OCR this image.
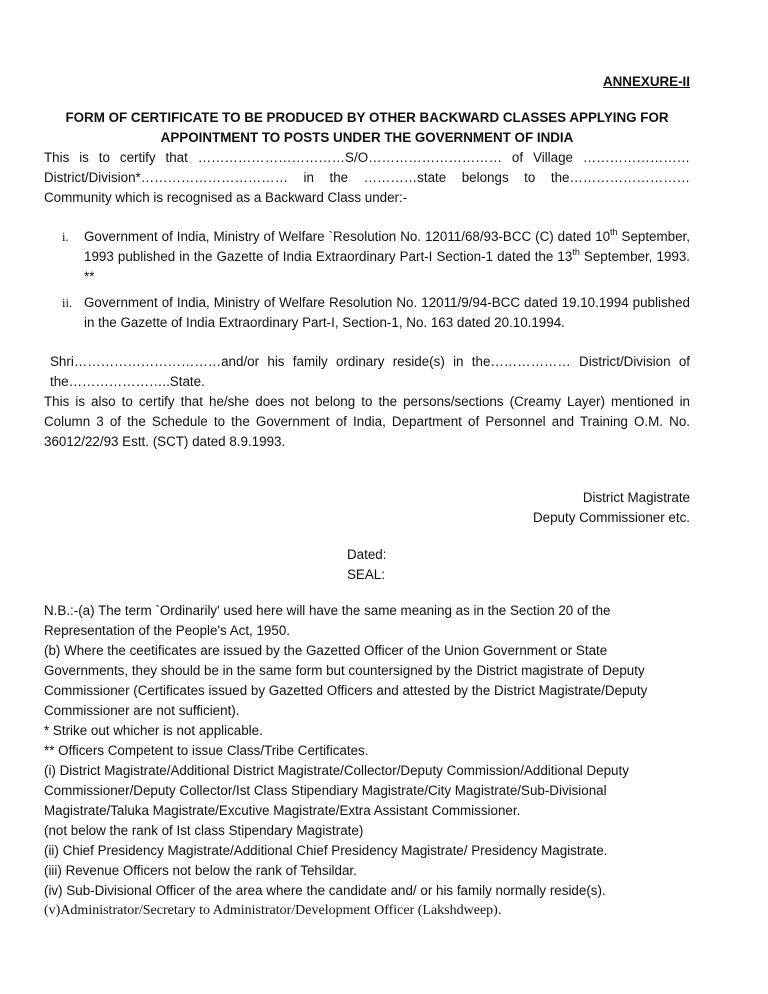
ANNEXURE-II
FORM OF CERTIFICATE TO BE PRODUCED BY OTHER BACKWARD CLASSES APPLYING FOR
APPOINTMENT TO POSTS UNDER THE GOVERNMENT OF INDIA
This is to certify that ……………………………S/O………………………… of Village …………………… District/Division*…………………………… in the …………state belongs to the……………………… Community which is recognised as a Backward Class under:-
i. Government of India, Ministry of Welfare `Resolution No. 12011/68/93-BCC (C) dated 10th September, 1993 published in the Gazette of India Extraordinary Part-I Section-1 dated the 13th September, 1993. **
ii. Government of India, Ministry of Welfare Resolution No. 12011/9/94-BCC dated 19.10.1994 published in the Gazette of India Extraordinary Part-I, Section-1, No. 163 dated 20.10.1994.
Shri……………………………and/or his family ordinary reside(s) in the……………… District/Division of the…………………..State.
This is also to certify that he/she does not belong to the persons/sections (Creamy Layer) mentioned in Column 3 of the Schedule to the Government of India, Department of Personnel and Training O.M. No. 36012/22/93 Estt. (SCT) dated 8.9.1993.
District Magistrate
Deputy Commissioner etc.
Dated:
SEAL:
N.B.:-(a) The term `Ordinarily' used here will have the same meaning as in the Section 20 of the
Representation of the People's Act, 1950.
(b) Where the ceetificates are issued by the Gazetted Officer of the Union Government or State
Governments, they should be in the same form but countersigned by the District magistrate of Deputy
Commissioner (Certificates issued by Gazetted Officers and attested by the District Magistrate/Deputy
Commissioner are not sufficient).
* Strike out whicher is not applicable.
** Officers Competent to issue Class/Tribe Certificates.
(i) District Magistrate/Additional District Magistrate/Collector/Deputy Commission/Additional Deputy
Commissioner/Deputy Collector/Ist Class Stipendiary Magistrate/City Magistrate/Sub-Divisional
Magistrate/Taluka Magistrate/Excutive Magistrate/Extra Assistant Commissioner.
(not below the rank of Ist class Stipendary Magistrate)
(ii) Chief Presidency Magistrate/Additional Chief Presidency Magistrate/ Presidency Magistrate.
(iii) Revenue Officers not below the rank of Tehsildar.
(iv) Sub-Divisional Officer of the area where the candidate and/ or his family normally reside(s).
(v)Administrator/Secretary to Administrator/Development Officer (Lakshdweep).
